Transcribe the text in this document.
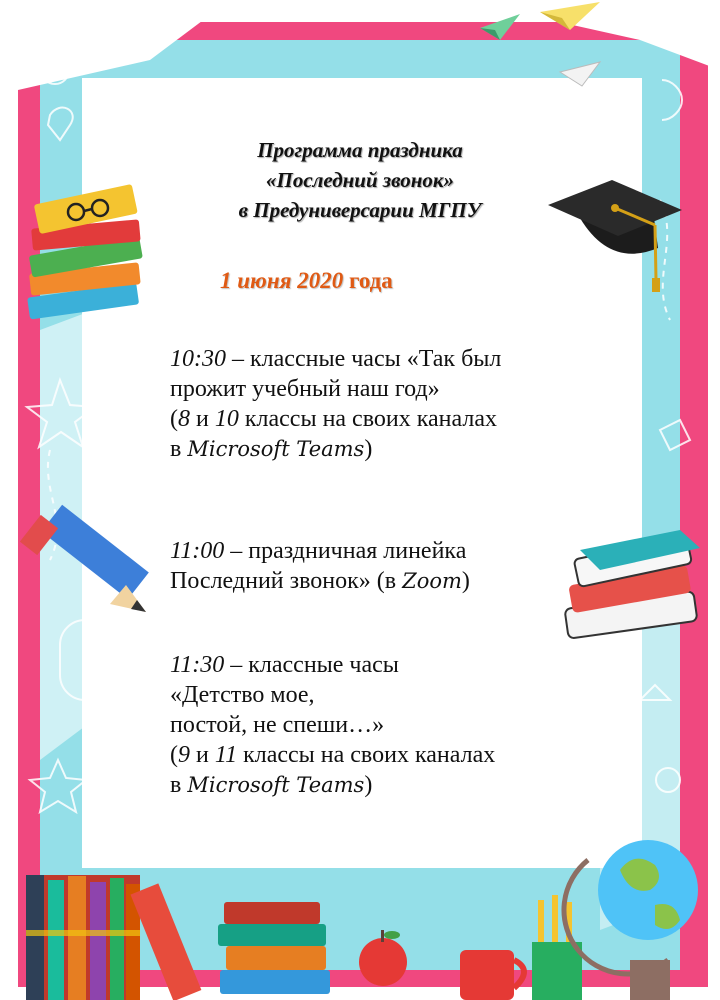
Программа праздника
«Последний звонок»
в Предуниверсарии МГПУ
1 июня 2020 года
10:30 – классные часы «Так был
прожит учебный наш год»
(8 и 10 классы на своих каналах
в Microsoft Teams)
11:00 – праздничная линейка
Последний звонок» (в Zoom)
11:30 – классные часы
«Детство мое,
постой, не спеши…»
(9 и 11 классы на своих каналах
в Microsoft Teams)
